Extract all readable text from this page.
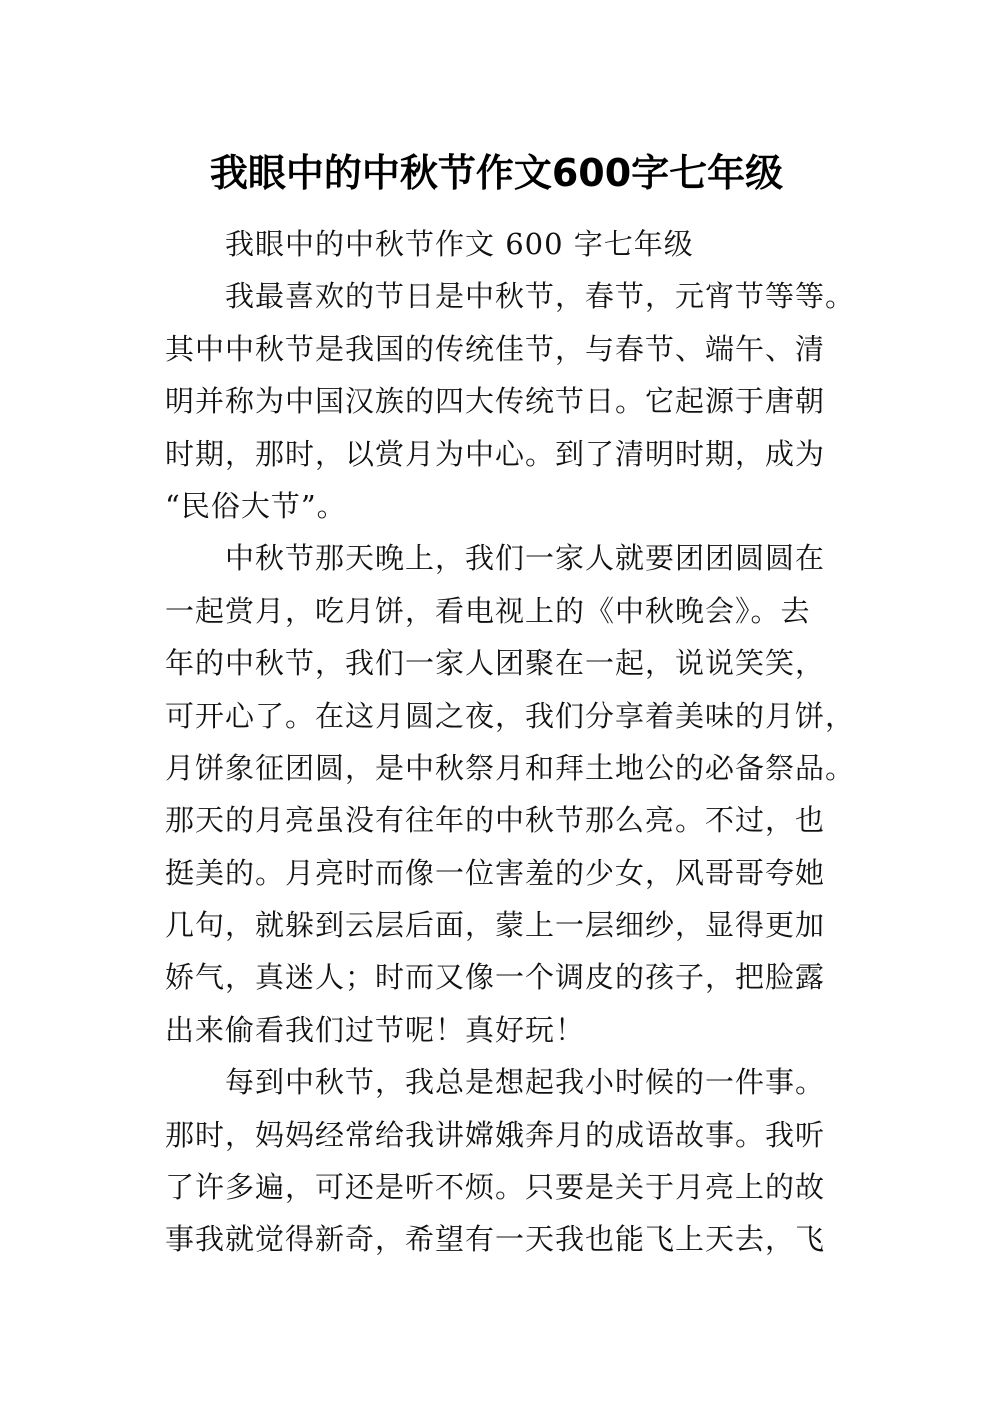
我眼中的中秋节作文600字七年级
我眼中的中秋节作文 600 字七年级
我最喜欢的节日是中秋节，春节，元宵节等等。
其中中秋节是我国的传统佳节，与春节、端午、清
明并称为中国汉族的四大传统节日。它起源于唐朝
时期，那时，以赏月为中心。到了清明时期，成为
“民俗大节”。
中秋节那天晚上，我们一家人就要团团圆圆在
一起赏月，吃月饼，看电视上的《中秋晚会》。去
年的中秋节，我们一家人团聚在一起，说说笑笑，
可开心了。在这月圆之夜，我们分享着美味的月饼，
月饼象征团圆，是中秋祭月和拜土地公的必备祭品。
那天的月亮虽没有往年的中秋节那么亮。不过，也
挺美的。月亮时而像一位害羞的少女，风哥哥夸她
几句，就躲到云层后面，蒙上一层细纱，显得更加
娇气，真迷人；时而又像一个调皮的孩子，把脸露
出来偷看我们过节呢！真好玩！
每到中秋节，我总是想起我小时候的一件事。
那时，妈妈经常给我讲嫦娥奔月的成语故事。我听
了许多遍，可还是听不烦。只要是关于月亮上的故
事我就觉得新奇，希望有一天我也能飞上天去，飞
